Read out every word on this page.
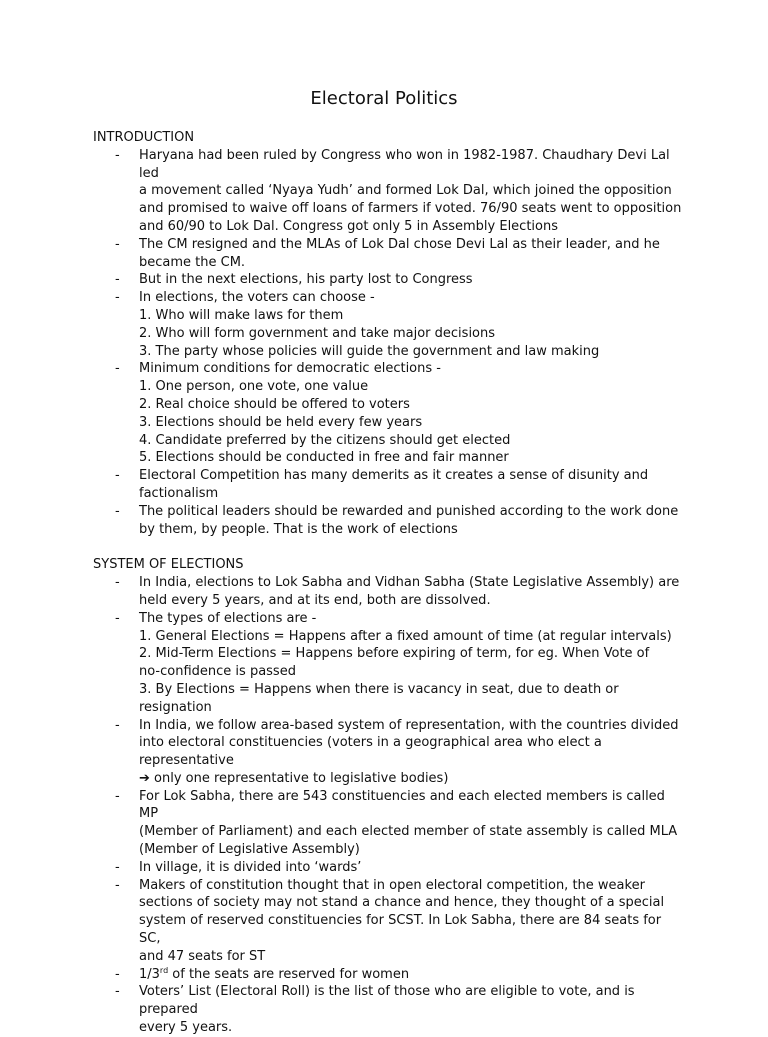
Electoral Politics
INTRODUCTION
- Haryana had been ruled by Congress who won in 1982-1987. Chaudhary Devi Lal led
a movement called ‘Nyaya Yudh’ and formed Lok Dal, which joined the opposition
and promised to waive off loans of farmers if voted. 76/90 seats went to opposition
and 60/90 to Lok Dal. Congress got only 5 in Assembly Elections
- The CM resigned and the MLAs of Lok Dal chose Devi Lal as their leader, and he
became the CM.
- But in the next elections, his party lost to Congress
- In elections, the voters can choose -
1. Who will make laws for them
2. Who will form government and take major decisions
3. The party whose policies will guide the government and law making
- Minimum conditions for democratic elections -
1. One person, one vote, one value
2. Real choice should be offered to voters
3. Elections should be held every few years
4. Candidate preferred by the citizens should get elected
5. Elections should be conducted in free and fair manner
- Electoral Competition has many demerits as it creates a sense of disunity and
factionalism
- The political leaders should be rewarded and punished according to the work done
by them, by people. That is the work of elections
SYSTEM OF ELECTIONS
- In India, elections to Lok Sabha and Vidhan Sabha (State Legislative Assembly) are
held every 5 years, and at its end, both are dissolved.
- The types of elections are -
1. General Elections = Happens after a fixed amount of time (at regular intervals)
2. Mid-Term Elections = Happens before expiring of term, for eg. When Vote of
no-confidence is passed
3. By Elections = Happens when there is vacancy in seat, due to death or resignation
- In India, we follow area-based system of representation, with the countries divided
into electoral constituencies (voters in a geographical area who elect a representative
➔ only one representative to legislative bodies)
- For Lok Sabha, there are 543 constituencies and each elected members is called MP
(Member of Parliament) and each elected member of state assembly is called MLA
(Member of Legislative Assembly)
- In village, it is divided into ‘wards’
- Makers of constitution thought that in open electoral competition, the weaker
sections of society may not stand a chance and hence, they thought of a special
system of reserved constituencies for SCST. In Lok Sabha, there are 84 seats for SC,
and 47 seats for ST
- 1/3rd of the seats are reserved for women
- Voters’ List (Electoral Roll) is the list of those who are eligible to vote, and is prepared
every 5 years.
